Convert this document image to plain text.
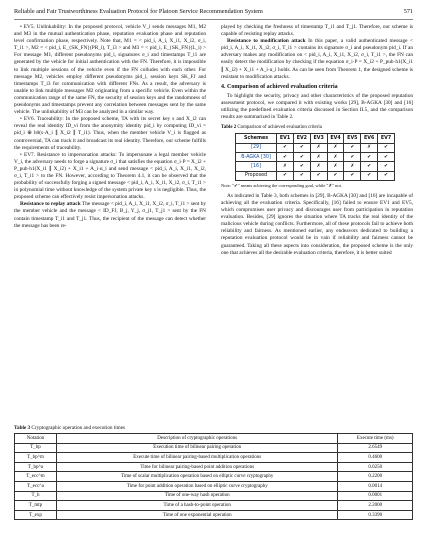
Reliable and Fair Trustworthiness Evaluation Protocol for Platoon Service Recommendation System	571

• EV5. Unlinkability: In the proposed protocol, vehicle V_i sends messages M1, M2 and M3 in the mutual authentication phase, reputation evaluation phase and reputation level confirmation phase, respectively. Note that, M1 = < pid_i, A_i, X_i1, X_i2, σ_i, T_i1 >, M2 = < pid_i, E_{SK_FN}(PR_i), T_i3 > and M3 = < pid_i, E_{SK_FN}(L_i) > For message M1, different pseudonyms pid_i, signatures σ_i and timestamps T_i1 are generated by the vehicle for initial authentication with the FN. Therefore, it is impossible to link multiple sessions of the vehicle even if the FN colludes with each other. For message M2, vehicles employ different pseudonyms pid_i, session keys SK_FJ and timestamps T_i3 for communication with different FNs. As a result, the adversary is unable to link multiple messages M2 originating from a specific vehicle. Even within the communication range of the same FN, the security of session keys and the randomness of pseudonyms and timestamps prevent any correlation between messages sent by the same vehicle. The unlinkability of M3 can be analyzed in a similar way.

• EV6. Traceability: In the proposed scheme, TA with its secret key s and X_i2 can reveal the real identity ID_vi from the anonymity identity pid_i by computing ID_vi = pid_i ⊕ h0(s·A_i ∥ X_i2 ∥ T_i1). Thus, when the member vehicle V_i is flagged as controversial, TA can track it and broadcast its real identity. Therefore, our scheme fulfills the requirements of traceability.

• EV7. Resistance to impersonation attacks: To impersonate a legal member vehicle V_i, the adversary needs to forge a signature σ_i that satisfies the equation σ_i·P = X_i2 + P_pub·h1(X_i1 ∥ X_i2) + X_i1 + A_i·α_i and send message < pid_i, A_i, X_i1, X_i2, σ_i, T_i1 > to the FN. However, according to Theorem 4.1, it can be observed that the probability of successfully forging a signed message < pid_i, A_i, X_i1, X_i2, σ_i, T_i1 > in polynomial time without knowledge of the system private key s is negligible. Thus, the proposed scheme can effectively resist impersonation attacks.

Resistance to replay attack The message < pid_i, A_i, X_i1, X_i2, σ_i, T_i1 > sent by the member vehicle and the message < ID_FJ, B_j, Y_j, σ_j1, T_j1 > sent by the FN contain timestamp T_i1 and T_j1. Thus, the recipient of the message can detect whether the message has been re-

played by checking the freshness of timestamp T_i1 and T_j1. Therefore, our scheme is capable of resisting replay attacks.

Resistance to modification attack In this paper, a valid authenticated message < pid_i, A_i, X_i1, X_i2, σ_i, T_i1 > contains its signature σ_i and pseudonym pid_i. If an adversary makes any modification on < pid_i, A_i, X_i1, X_i2, σ_i, T_i1 >, the FN can easily detect the modification by checking if the equation σ_i·P = X_i2 + P_pub·h1(X_i1 ∥ X_i2) + X_i1 + A_i·α_i holds. As can be seen from Theorem 1, the designed scheme is resistant to modification attacks.

4. Comparison of achieved evaluation criteria

To highlight the security, privacy and other characteristics of the proposed reputation assessment protocol, we compared it with existing works [29], B-AGKA [30] and [16] utilizing the predefined evaluation criteria discussed in Section II.5, and the comparison results are summarized in Table 2.

Table 2 Comparison of achieved evaluation criteria
Schemes	EV1	EV2	EV3	EV4	EV5	EV6	EV7
[29]	✔	✔	✗	✗	✔	✗	✔
B-AGKA [30]	✔	✔	✗	✗	✔	✔	✔
[16]	✗	✔	✗	✗	✗	✔	✔
Proposed	✔	✔	✔	✔	✔	✔	✔
Note: "✔" means achieving the corresponding goal, while "✗" not.

As indicated in Table 3, both schemes in [29], B-AGKA [30] and [16] are incapable of achieving all the evaluation criteria. Specifically, [16] failed to ensure EV1 and EV5, which compromises user privacy and discourages user from participation in reputation evaluation. Besides, [29] ignores the situation where TA tracks the real identity of the malicious vehicle during conflicts. Furthermore, all of these protocols fail to achieve both reliability and fairness. As mentioned earlier, any endeavors dedicated to building a reputation evaluation protocol would be in vain if reliability and fairness cannot be guaranteed. Taking all these aspects into consideration, the proposed scheme is the only one that achieves all the desirable evaluation criteria, therefore, it is better suited

Table 3 Cryptographic operation and execution times
Notation	Description of cryptographic operations	Execute time (ms)
T_bp	Execution time of bilinear pairing operation	2.6549
T_bp^m	Execute time of bilinear pairing-based multiplication operations	0.4600
T_bp^a	Time for bilinear pairing-based point addition operations	0.0250
T_ecc^m	Time of scalar multiplication operation based on elliptic curve cryptography	0.2200
T_ecc^a	Time for point addition operation based on elliptic curve cryptography	0.0014
T_h	Time of one-way hash operation	0.0001
T_mtp	Time of a hash-to-point operation	2.2000
T_exp	Time of one exponential operation	0.3390
